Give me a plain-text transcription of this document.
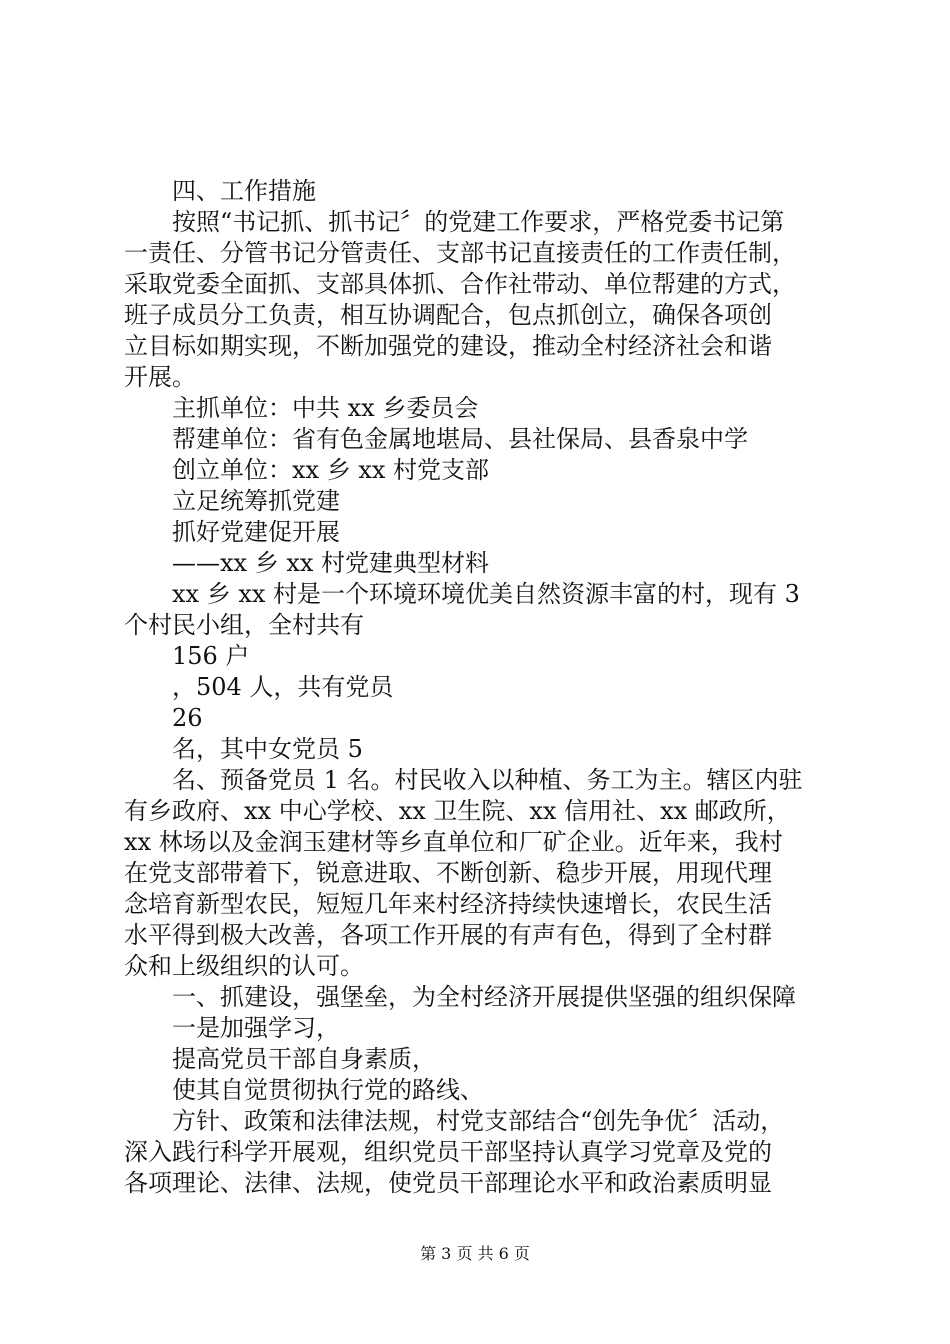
　　四、工作措施
　　按照“书记抓、抓书记〞的党建工作要求，严格党委书记第
一责任、分管书记分管责任、支部书记直接责任的工作责任制，
采取党委全面抓、支部具体抓、合作社带动、单位帮建的方式，
班子成员分工负责，相互协调配合，包点抓创立，确保各项创
立目标如期实现，不断加强党的建设，推动全村经济社会和谐
开展。
　　主抓单位：中共 xx 乡委员会
　　帮建单位：省有色金属地堪局、县社保局、县香泉中学
　　创立单位：xx 乡 xx 村党支部
　　立足统筹抓党建
　　抓好党建促开展
　　——xx 乡 xx 村党建典型材料
　　xx 乡 xx 村是一个环境环境优美自然资源丰富的村，现有 3
个村民小组，全村共有
　　156 户
　　，504 人，共有党员
　　26
　　名，其中女党员 5
　　名、预备党员 1 名。村民收入以种植、务工为主。辖区内驻
有乡政府、xx 中心学校、xx 卫生院、xx 信用社、xx 邮政所，
xx 林场以及金润玉建材等乡直单位和厂矿企业。近年来，我村
在党支部带着下，锐意进取、不断创新、稳步开展，用现代理
念培育新型农民，短短几年来村经济持续快速增长，农民生活
水平得到极大改善，各项工作开展的有声有色，得到了全村群
众和上级组织的认可。
　　一、抓建设，强堡垒，为全村经济开展提供坚强的组织保障
　　一是加强学习，
　　提高党员干部自身素质，
　　使其自觉贯彻执行党的路线、
　　方针、政策和法律法规，村党支部结合“创先争优〞活动，
深入践行科学开展观，组织党员干部坚持认真学习党章及党的
各项理论、法律、法规，使党员干部理论水平和政治素质明显
第 3 页 共 6 页
